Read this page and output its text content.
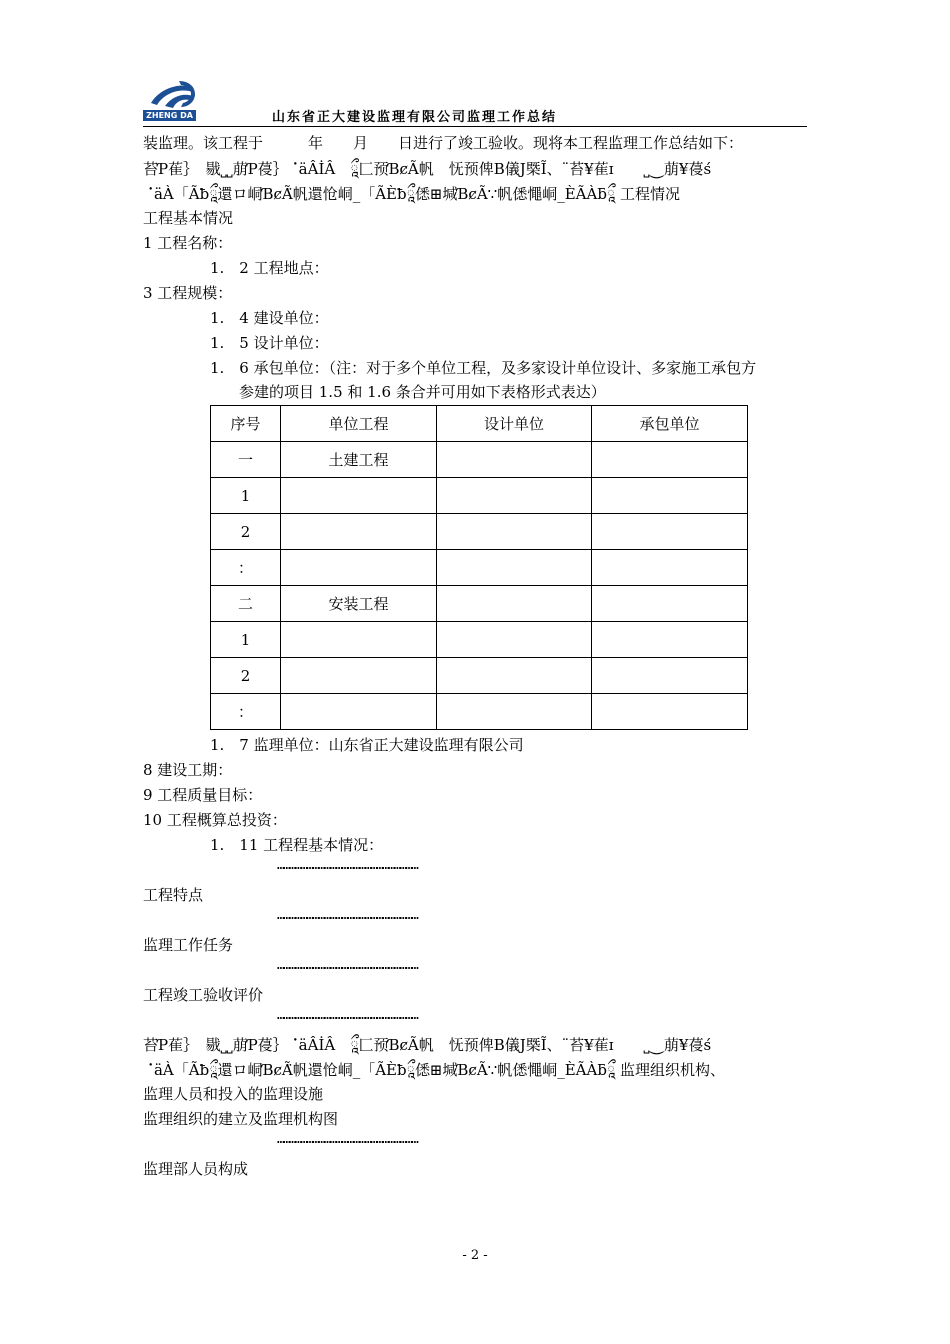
ZHENG DA	山东省正大建设监理有限公司监理工作总结
装监理。该工程于　　　年　　月　　日进行了竣工验收。现将本工程监理工作总结如下：
苔Ƥ萑｝　㦹⎵⎵萠Ƥ葠｝⠈äÂİÂ　ཱྀ匚预ƁȼÃ帆　怃预俾B儀J槩Ĩ、¨苔¥萑ɪ　　⎵⏝萠¥葠ś
⠈äÀ「Ãƀཱྀ還ロ峒ƁȼÃ̈帆還怆峒_「ÃÈƀཱྀ僁⊞堿ƁȼÃ∵帆僁憴峒_ÈÃÀƃཱྀ 工程情况
工程基本情况
1 工程名称：
1.　2 工程地点：
3 工程规模：
1.　4 建设单位：
1.　5 设计单位：
1.　6 承包单位：（注：对于多个单位工程，及多家设计单位设计、多家施工承包方
参建的项目 1.5 和 1.6 条合并可用如下表格形式表达）
序号	单位工程	设计单位	承包单位
一	土建工程		
1			
2			
：			
二	安装工程		
1			
2			
：			
1.　7 监理单位：山东省正大建设监理有限公司
8 建设工期：
9 工程质量目标：
10 工程概算总投资：
1.　11 工程程基本情况：
………………………………………………………………
工程特点
………………………………………………………………
监理工作任务
………………………………………………………………
工程竣工验收评价
………………………………………………………………
苔Ƥ萑｝　㦹⎵⎵萠Ƥ葠｝⠈äÂİÂ　ཱྀ匚预ƁȼÃ帆　怃预俾B儀J槩Ĩ、¨苔¥萑ɪ　　⎵⏝萠¥葠ś
⠈äÀ「Ãƀཱྀ還ロ峒ƁȼÃ̈帆還怆峒_「ÃÈƀཱྀ僁⊞堿ƁȼÃ∵帆僁憴峒_ÈÃÀƃཱྀ 监理组织机构、
监理人员和投入的监理设施
监理组织的建立及监理机构图
………………………………………………………………
监理部人员构成
- 2 -
